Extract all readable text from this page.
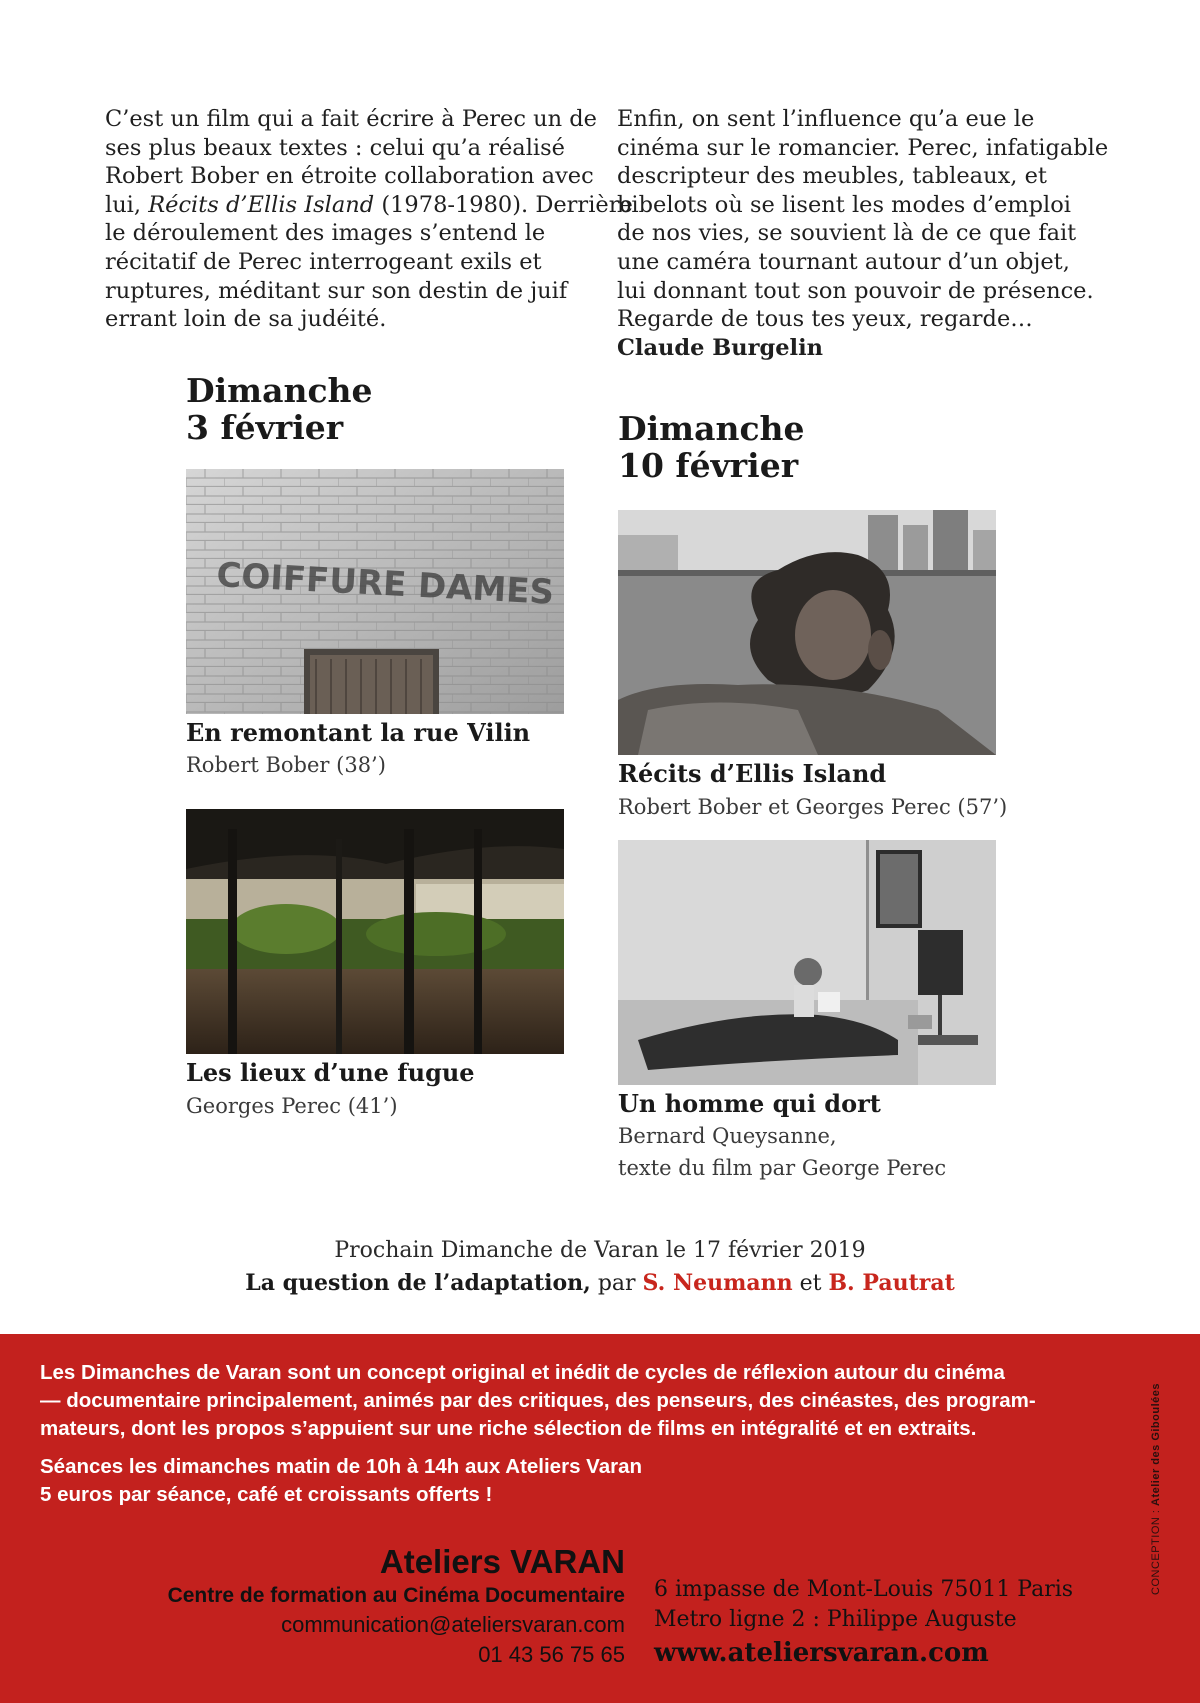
C’est un film qui a fait écrire à Perec un de
ses plus beaux textes : celui qu’a réalisé
Robert Bober en étroite collaboration avec
lui, Récits d’Ellis Island (1978-1980). Derrière
le déroulement des images s’entend le
récitatif de Perec interrogeant exils et
ruptures, méditant sur son destin de juif
errant loin de sa judéité.
Enfin, on sent l’influence qu’a eue le
cinéma sur le romancier. Perec, infatigable
descripteur des meubles, tableaux, et
bibelots où se lisent les modes d’emploi
de nos vies, se souvient là de ce que fait
une caméra tournant autour d’un objet,
lui donnant tout son pouvoir de présence.
Regarde de tous tes yeux, regarde…
Claude Burgelin
Dimanche
3 février
COIFFURE DAMES
En remontant la rue Vilin
Robert Bober (38’)
Les lieux d’une fugue
Georges Perec (41’)
Dimanche
10 février
Récits d’Ellis Island
Robert Bober et Georges Perec (57’)
Un homme qui dort
Bernard Queysanne,
texte du film par George Perec
Prochain Dimanche de Varan le 17 février 2019
La question de l’adaptation, par S. Neumann et B. Pautrat
Les Dimanches de Varan sont un concept original et inédit de cycles de réflexion autour du cinéma
— documentaire principalement, animés par des critiques, des penseurs, des cinéastes, des program-
mateurs, dont les propos s’appuient sur une riche sélection de films en intégralité et en extraits.
Séances les dimanches matin de 10h à 14h aux Ateliers Varan
5 euros par séance, café et croissants offerts !
Ateliers VARAN
Centre de formation au Cinéma Documentaire
communication@ateliersvaran.com
01 43 56 75 65
6 impasse de Mont-Louis 75011 Paris
Metro ligne 2 : Philippe Auguste
www.ateliersvaran.com
CONCEPTION : Atelier des Giboulées
